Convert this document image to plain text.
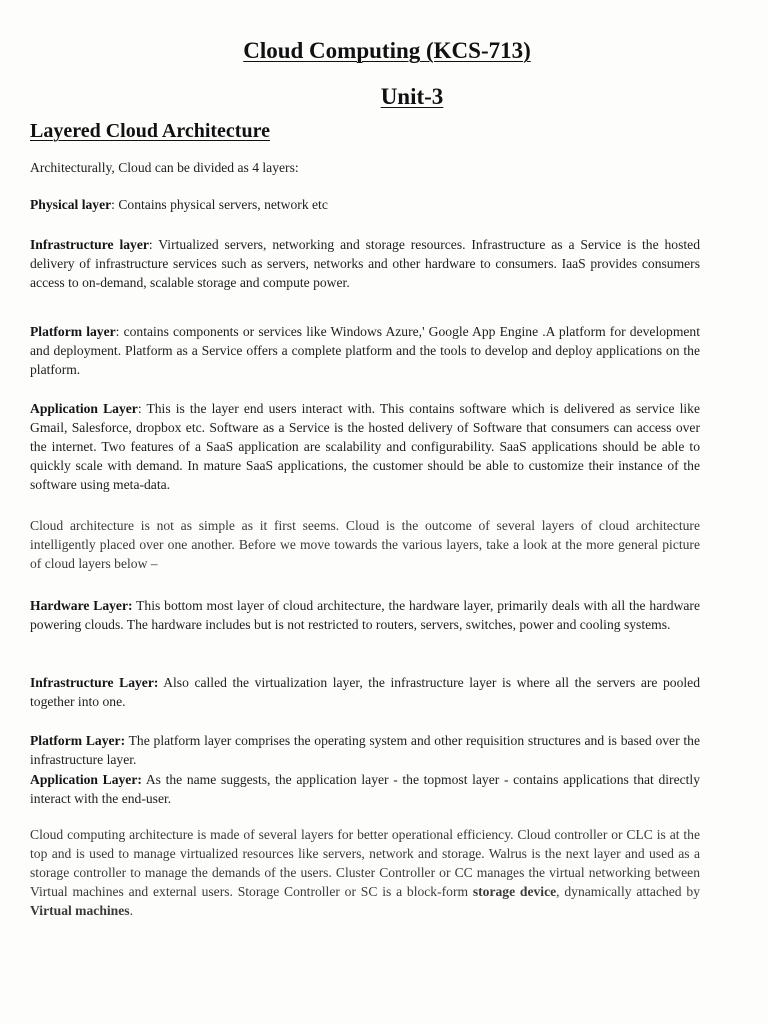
Cloud Computing (KCS-713)
Unit-3
Layered Cloud Architecture

Architecturally, Cloud can be divided as 4 layers:

Physical layer: Contains physical servers, network etc

Infrastructure layer: Virtualized servers, networking and storage resources. Infrastructure as a Service is the hosted delivery of infrastructure services such as servers, networks and other hardware to consumers. IaaS provides consumers access to on-demand, scalable storage and compute power.

Platform layer: contains components or services like Windows Azure,' Google App Engine .A platform for development and deployment. Platform as a Service offers a complete platform and the tools to develop and deploy applications on the platform.

Application Layer: This is the layer end users interact with. This contains software which is delivered as service like Gmail, Salesforce, dropbox etc. Software as a Service is the hosted delivery of Software that consumers can access over the internet. Two features of a SaaS application are scalability and configurability. SaaS applications should be able to quickly scale with demand. In mature SaaS applications, the customer should be able to customize their instance of the software using meta-data.

Cloud architecture is not as simple as it first seems. Cloud is the outcome of several layers of cloud architecture intelligently placed over one another. Before we move towards the various layers, take a look at the more general picture of cloud layers below –

Hardware Layer: This bottom most layer of cloud architecture, the hardware layer, primarily deals with all the hardware powering clouds. The hardware includes but is not restricted to routers, servers, switches, power and cooling systems.

Infrastructure Layer: Also called the virtualization layer, the infrastructure layer is where all the servers are pooled together into one.

Platform Layer: The platform layer comprises the operating system and other requisition structures and is based over the infrastructure layer.

Application Layer: As the name suggests, the application layer - the topmost layer - contains applications that directly interact with the end-user.

Cloud computing architecture is made of several layers for better operational efficiency. Cloud controller or CLC is at the top and is used to manage virtualized resources like servers, network and storage. Walrus is the next layer and used as a storage controller to manage the demands of the users. Cluster Controller or CC manages the virtual networking between Virtual machines and external users. Storage Controller or SC is a block-form storage device, dynamically attached by Virtual machines.
